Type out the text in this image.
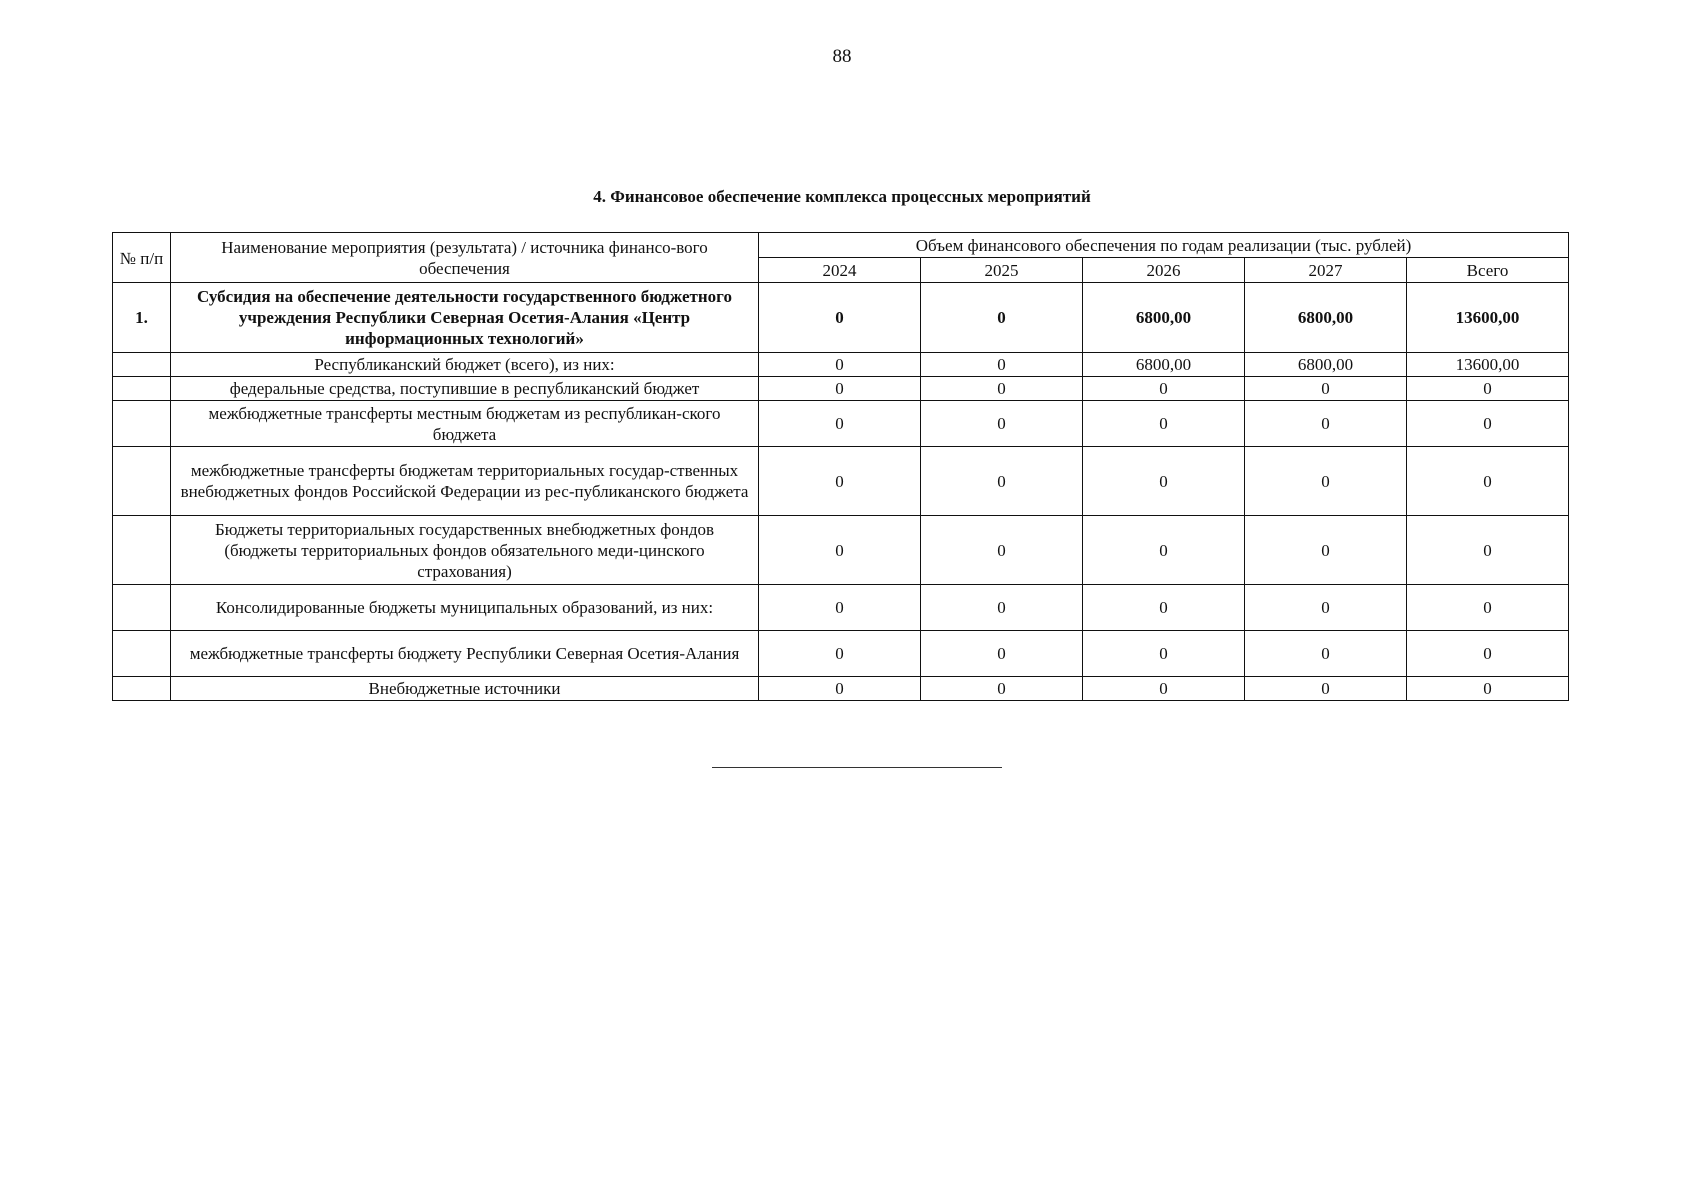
88
4. Финансовое обеспечение комплекса процессных мероприятий
№ п/п	Наименование мероприятия (результата) / источника финансо-вого обеспечения	Объем финансового обеспечения по годам реализации (тыс. рублей)				
		2024	2025	2026	2027	Всего
1.	Субсидия на обеспечение деятельности государственного бюджетного учреждения Республики Северная Осетия-Алания «Центр информационных технологий»	0	0	6800,00	6800,00	13600,00
	Республиканский бюджет (всего), из них:	0	0	6800,00	6800,00	13600,00
	федеральные средства, поступившие в республиканский бюджет	0	0	0	0	0
	межбюджетные трансферты местным бюджетам из республикан-ского бюджета	0	0	0	0	0
	межбюджетные трансферты бюджетам территориальных государ-ственных внебюджетных фондов Российской Федерации из рес-публиканского бюджета	0	0	0	0	0
	Бюджеты территориальных государственных внебюджетных фондов (бюджеты территориальных фондов обязательного меди-цинского страхования)	0	0	0	0	0
	Консолидированные бюджеты муниципальных образований, из них:	0	0	0	0	0
	межбюджетные трансферты бюджету Республики Северная Осетия-Алания	0	0	0	0	0
	Внебюджетные источники	0	0	0	0	0
